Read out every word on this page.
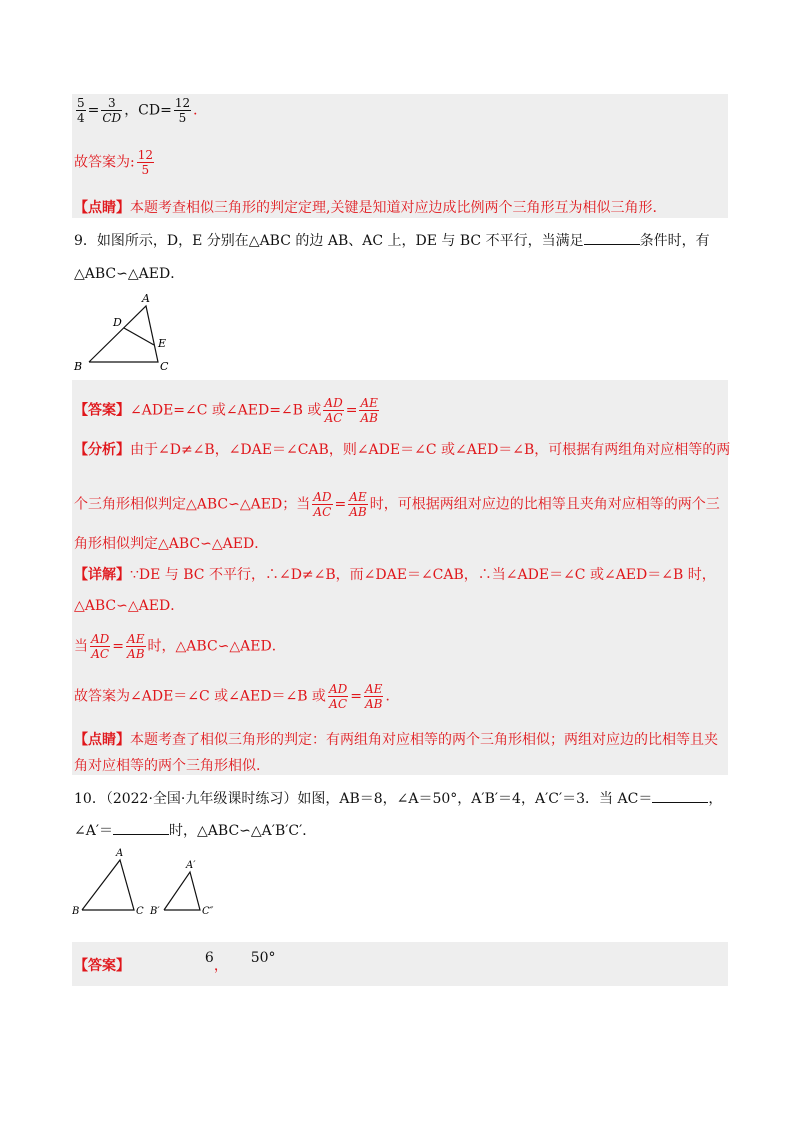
$\frac{5}{4} = \frac{3}{CD}$ ，$CD= \frac{12}{5}$ ．
故答案为: $\frac{12}{5}$
【点睛】本题考查相似三角形的判定定理,关键是知道对应边成比例两个三角形互为相似三角形.
9．如图所示，D，E 分别在△ABC 的边 AB、AC 上，DE 与 BC 不平行，当满足	条件时，有
△ABC∽△AED．
A
D
E
B	C
【答案】∠ADE=∠C 或∠AED=∠B 或 $\frac{AD}{AC} = \frac{AE}{AB}$
【分析】由于∠D≠∠B，∠DAE＝∠CAB，则∠ADE＝∠C 或∠AED＝∠B，可根据有两组角对应相等的两
个三角形相似判定△ABC∽△AED；当 $\frac{AD}{AC} = \frac{AE}{AB}$ 时，可根据两组对应边的比相等且夹角对应相等的两个三
角形相似判定△ABC∽△AED．
【详解】∵DE 与 BC 不平行，∴∠D≠∠B，而∠DAE＝∠CAB，∴当∠ADE＝∠C 或∠AED＝∠B 时，
△ABC∽△AED．
当 $\frac{AD}{AC} = \frac{AE}{AB}$ 时，△ABC∽△AED．
故答案为∠ADE＝∠C 或∠AED＝∠B 或 $\frac{AD}{AC} = \frac{AE}{AB}$ ．
【点睛】本题考查了相似三角形的判定：有两组角对应相等的两个三角形相似；两组对应边的比相等且夹
角对应相等的两个三角形相似.
10．（2022·全国·九年级课时练习）如图，AB＝8，∠A＝50°，A′B′＝4，A′C′＝3．当 AC＝	，
∠A′＝	时，△ABC∽△A′B′C′．
A
B	C
A′
B′	C″
【答案】	6， 50°
